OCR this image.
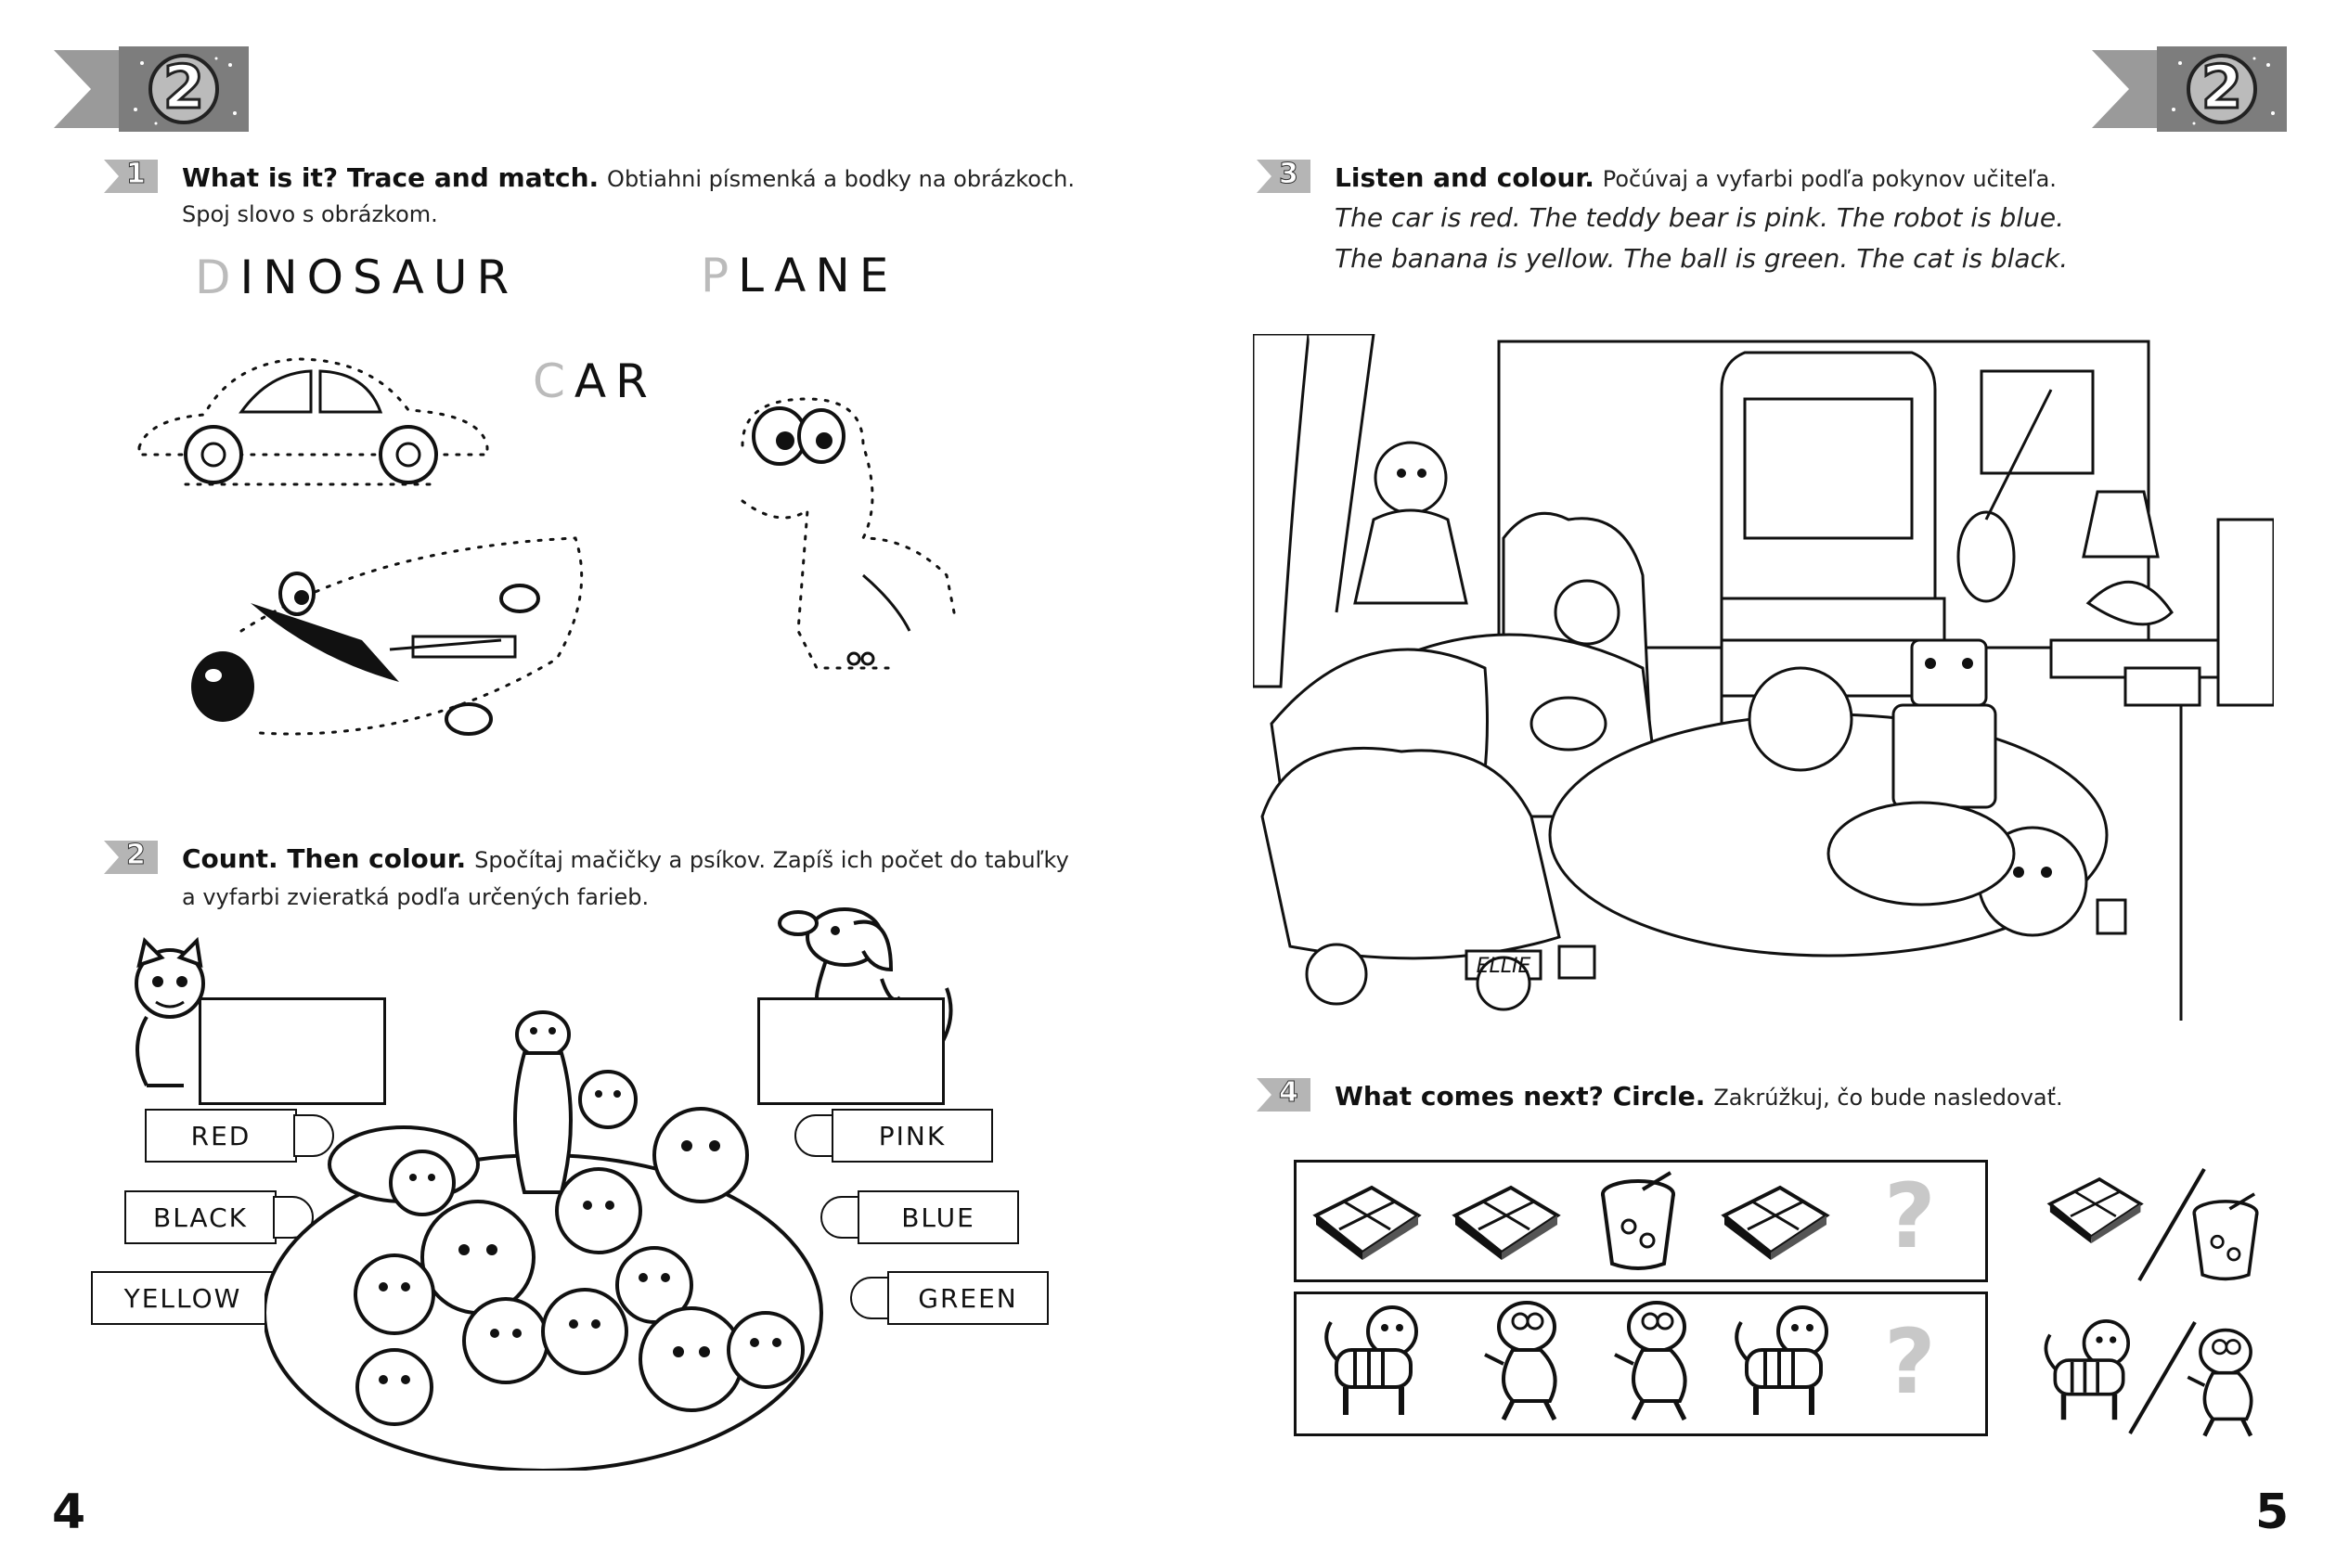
2
1 What is it? Trace and match. Obtiahni písmenká a bodky na obrázkoch.
Spoj slovo s obrázkom.
DINOSAUR	PLANE
CAR
2 Count. Then colour. Spočítaj mačičky a psíkov. Zapíš ich počet do tabuľky
a vyfarbi zvieratká podľa určených farieb.
RED
BLACK
YELLOW
PINK
BLUE
GREEN
4
2
3 Listen and colour. Počúvaj a vyfarbi podľa pokynov učiteľa.
The car is red. The teddy bear is pink. The robot is blue.
The banana is yellow. The ball is green. The cat is black.
ELLIE
4 What comes next? Circle. Zakrúžkuj, čo bude nasledovať.
?
?
5
